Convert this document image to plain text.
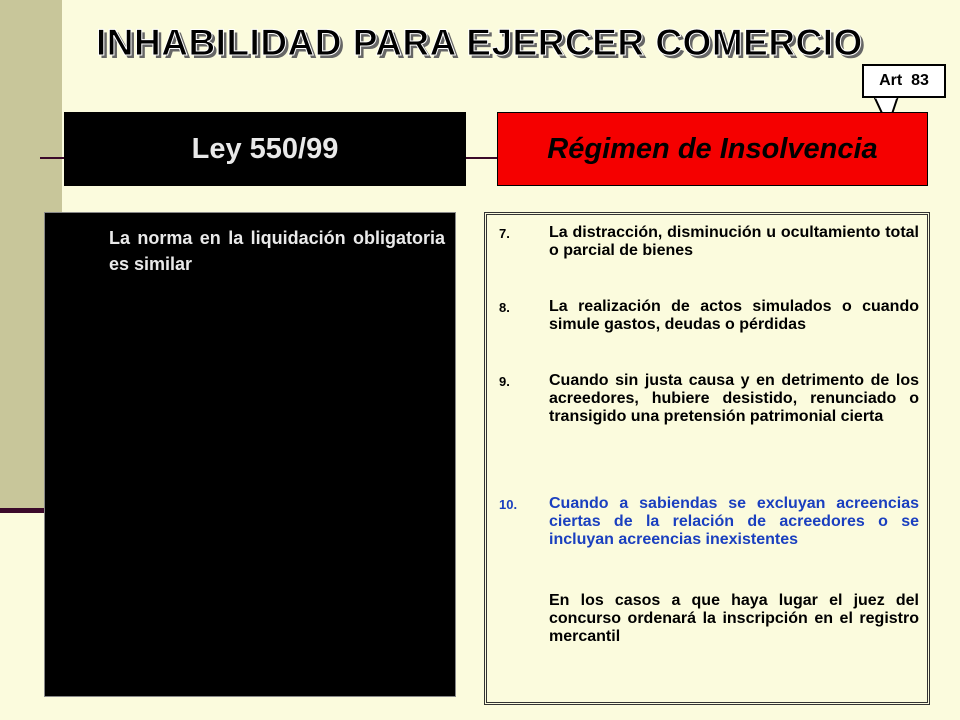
INHABILIDAD PARA EJERCER COMERCIO
Art  83
Ley 550/99	Régimen de Insolvencia

La norma en la liquidación obligatoria es similar

7.	La distracción, disminución u ocultamiento total o parcial de bienes
8.	La realización de actos simulados o cuando simule gastos, deudas o pérdidas
9.	Cuando sin justa causa y en detrimento de los acreedores, hubiere desistido, renunciado o transigido una pretensión patrimonial cierta
10.	Cuando a sabiendas se excluyan acreencias ciertas de la relación de acreedores o se incluyan acreencias inexistentes
En los casos a que haya lugar el juez del concurso ordenará la inscripción en el registro mercantil
